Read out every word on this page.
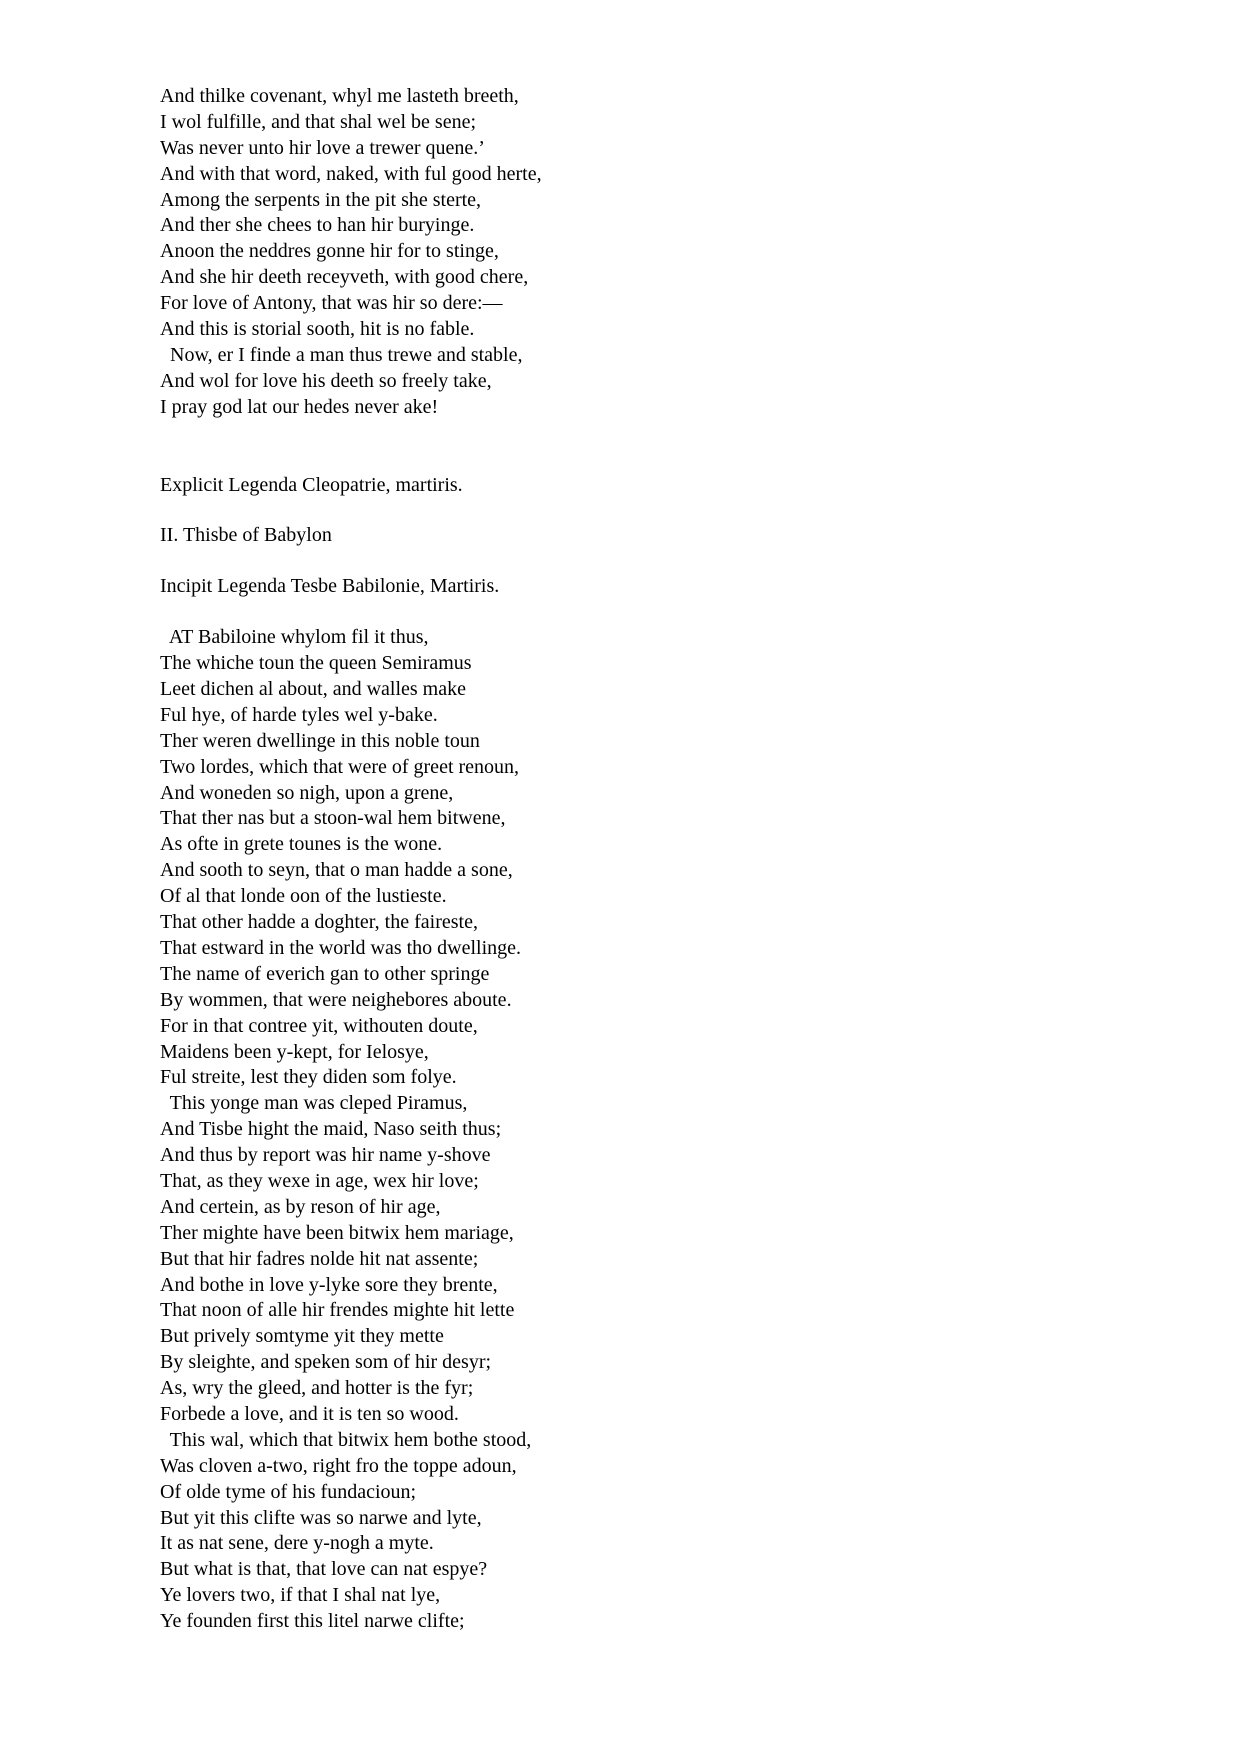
And thilke covenant, whyl me lasteth breeth,
I wol fulfille, and that shal wel be sene;
Was never unto hir love a trewer quene.’
And with that word, naked, with ful good herte,
Among the serpents in the pit she sterte,
And ther she chees to han hir buryinge.
Anoon the neddres gonne hir for to stinge,
And she hir deeth receyveth, with good chere,
For love of Antony, that was hir so dere:—
And this is storial sooth, hit is no fable.
Now, er I finde a man thus trewe and stable,
And wol for love his deeth so freely take,
I pray god lat our hedes never ake!
Explicit Legenda Cleopatrie, martiris.
II. Thisbe of Babylon
Incipit Legenda Tesbe Babilonie, Martiris.
AT Babiloine whylom fil it thus,
The whiche toun the queen Semiramus
Leet dichen al about, and walles make
Ful hye, of harde tyles wel y-bake.
Ther weren dwellinge in this noble toun
Two lordes, which that were of greet renoun,
And woneden so nigh, upon a grene,
That ther nas but a stoon-wal hem bitwene,
As ofte in grete tounes is the wone.
And sooth to seyn, that o man hadde a sone,
Of al that londe oon of the lustieste.
That other hadde a doghter, the faireste,
That estward in the world was tho dwellinge.
The name of everich gan to other springe
By wommen, that were neighebores aboute.
For in that contree yit, withouten doute,
Maidens been y-kept, for Ielosye,
Ful streite, lest they diden som folye.
This yonge man was cleped Piramus,
And Tisbe hight the maid, Naso seith thus;
And thus by report was hir name y-shove
That, as they wexe in age, wex hir love;
And certein, as by reson of hir age,
Ther mighte have been bitwix hem mariage,
But that hir fadres nolde hit nat assente;
And bothe in love y-lyke sore they brente,
That noon of alle hir frendes mighte hit lette
But prively somtyme yit they mette
By sleighte, and speken som of hir desyr;
As, wry the gleed, and hotter is the fyr;
Forbede a love, and it is ten so wood.
This wal, which that bitwix hem bothe stood,
Was cloven a-two, right fro the toppe adoun,
Of olde tyme of his fundacioun;
But yit this clifte was so narwe and lyte,
It as nat sene, dere y-nogh a myte.
But what is that, that love can nat espye?
Ye lovers two, if that I shal nat lye,
Ye founden first this litel narwe clifte;
